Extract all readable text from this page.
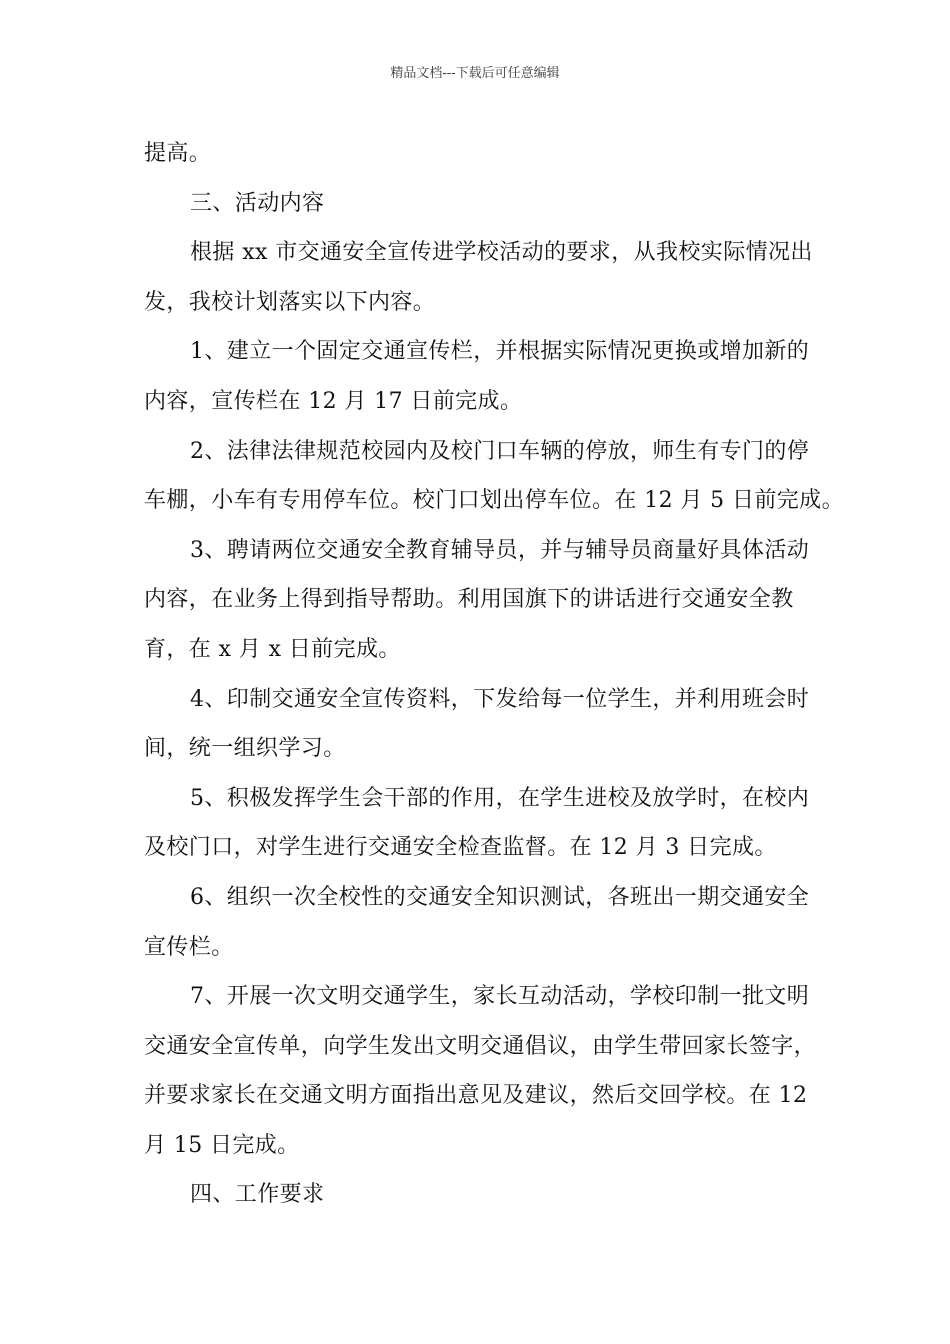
精品文档---下载后可任意编辑
提高。
三、活动内容
根据 xx 市交通安全宣传进学校活动的要求，从我校实际情况出
发，我校计划落实以下内容。
1、建立一个固定交通宣传栏，并根据实际情况更换或增加新的
内容，宣传栏在 12 月 17 日前完成。
2、法律法律规范校园内及校门口车辆的停放，师生有专门的停
车棚，小车有专用停车位。校门口划出停车位。在 12 月 5 日前完成。
3、聘请两位交通安全教育辅导员，并与辅导员商量好具体活动
内容，在业务上得到指导帮助。利用国旗下的讲话进行交通安全教
育，在 x 月 x 日前完成。
4、印制交通安全宣传资料，下发给每一位学生，并利用班会时
间，统一组织学习。
5、积极发挥学生会干部的作用，在学生进校及放学时，在校内
及校门口，对学生进行交通安全检查监督。在 12 月 3 日完成。
6、组织一次全校性的交通安全知识测试，各班出一期交通安全
宣传栏。
7、开展一次文明交通学生，家长互动活动，学校印制一批文明
交通安全宣传单，向学生发出文明交通倡议，由学生带回家长签字，
并要求家长在交通文明方面指出意见及建议，然后交回学校。在 12
月 15 日完成。
四、工作要求
